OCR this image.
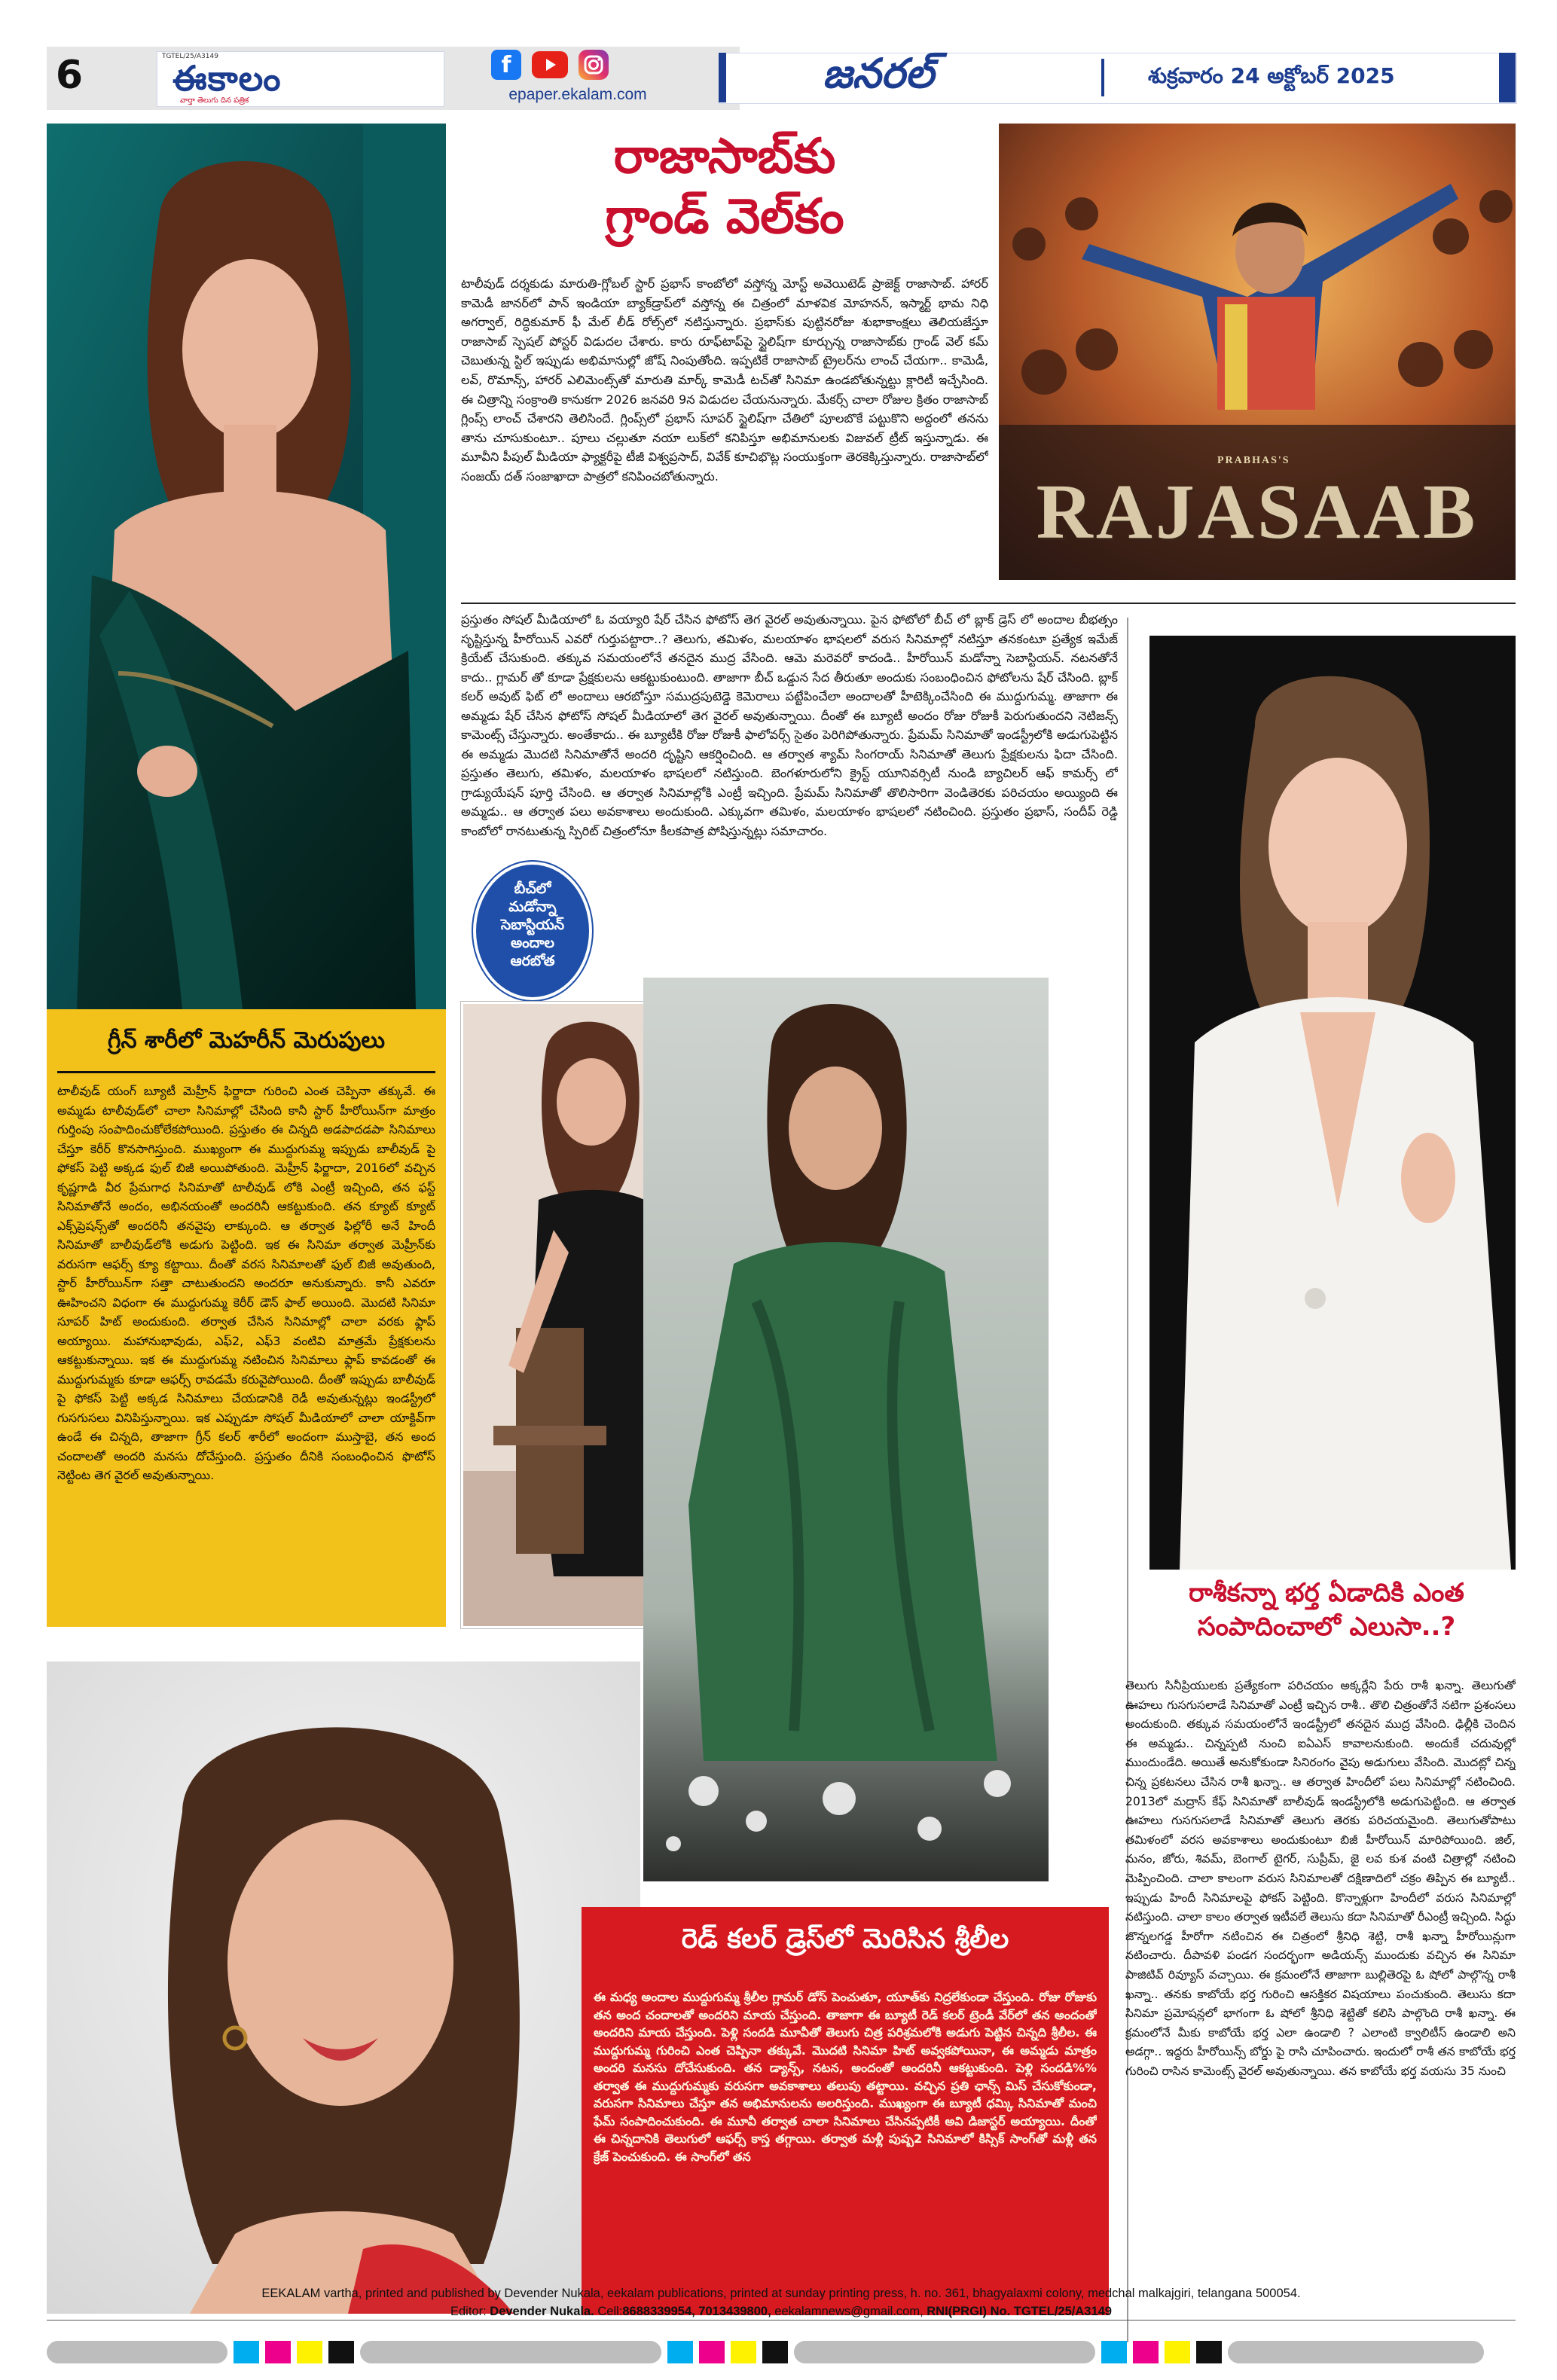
6	TGTEL/25/A3149
ఈకాలం
వార్తా తెలుగు దిన పత్రిక
f
epaper.ekalam.com	జనరల్	శుక్రవారం 24 అక్టోబర్ 2025
గ్రీన్ శారీలో మెహరీన్ మెరుపులు

టాలీవుడ్ యంగ్ బ్యూటీ మెహ్రీన్ ఫిర్జాదా గురించి ఎంత చెప్పినా తక్కువే. ఈ అమ్మడు టాలీవుడ్‌లో చాలా సినిమాల్లో చేసింది కానీ స్టార్ హీరోయిన్‌గా మాత్రం గుర్తింపు సంపాదించుకోలేకపోయింది. ప్రస్తుతం ఈ చిన్నది అడపాదడపా సినిమాలు చేస్తూ కెరీర్ కొనసాగిస్తుంది. ముఖ్యంగా ఈ ముద్దుగుమ్మ ఇప్పుడు బాలీవుడ్ పై ఫోకస్ పెట్టి అక్కడ ఫుల్ బిజీ అయిపోతుంది. మెహ్రీన్ ఫిర్జాదా, 2016లో వచ్చిన కృష్ణగాడి వీర ప్రేమగాధ సినిమాతో టాలీవుడ్ లోకి ఎంట్రీ ఇచ్చింది, తన ఫస్ట్ సినిమాతోనే అందం, అభినయంతో అందరినీ ఆకట్టుకుంది. తన క్యూట్ క్యూట్ ఎక్స్‌ప్రెషన్స్‌తో అందరినీ తనవైపు లాక్కుంది. ఆ తర్వాత ఫిల్లోరీ అనే హిందీ సినిమాతో బాలీవుడ్‌లోకి అడుగు పెట్టింది. ఇక ఈ సినిమా తర్వాత మెహ్రీన్‌కు వరుసగా ఆఫర్స్ క్యూ కట్టాయి. దీంతో వరస సినిమాలతో ఫుల్ బిజీ అవుతుంది, స్టార్ హీరోయిన్‌గా సత్తా చాటుతుందని అందరూ అనుకున్నారు. కానీ ఎవరూ ఊహించని విధంగా ఈ ముద్దుగుమ్మ కెరీర్ డౌన్ ఫాల్ అయింది. మొదటి సినిమా సూపర్ హిట్ అందుకుంది. తర్వాత చేసిన సినిమాల్లో చాలా వరకు ఫ్లాప్ అయ్యాయి. మహానుభావుడు, ఎఫ్2, ఎఫ్3 వంటివి మాత్రమే ప్రేక్షకులను ఆకట్టుకున్నాయి. ఇక ఈ ముద్దుగుమ్మ నటించిన సినిమాలు ఫ్లాప్ కావడంతో ఈ ముద్దుగుమ్మకు కూడా ఆఫర్స్ రావడమే కరువైపోయింది. దీంతో ఇప్పుడు బాలీవుడ్ పై ఫోకస్ పెట్టి అక్కడ సినిమాలు చేయడానికి రెడీ అవుతున్నట్లు ఇండస్ట్రీలో గుసగుసలు వినిపిస్తున్నాయి. ఇక ఎప్పుడూ సోషల్ మీడియాలో చాలా యాక్టివ్‌గా ఉండే ఈ చిన్నది, తాజాగా గ్రీన్ కలర్ శారీలో అందంగా ముస్తాబై, తన అంద చందాలతో అందరి మనసు దోచేస్తుంది. ప్రస్తుతం దీనికి సంబంధించిన ఫొటోస్ నెట్టింట తెగ వైరల్ అవుతున్నాయి.

రాజాసాబ్‌కు
గ్రాండ్ వెల్‌కం

టాలీవుడ్ దర్శకుడు మారుతి-గ్లోబల్ స్టార్ ప్రభాస్ కాంబోలో వస్తోన్న మోస్ట్ అవెయిటెడ్ ప్రాజెక్ట్ రాజాసాబ్. హారర్ కామెడీ జానర్‌లో పాన్ ఇండియా బ్యాక్‌డ్రాప్‌లో వస్తోన్న ఈ చిత్రంలో మాళవిక మోహనన్, ఇస్మార్ట్ భామ నిధి అగర్వాల్, రిద్ధికుమార్ ఫీ మేల్ లీడ్ రోల్స్‌లో నటిస్తున్నారు. ప్రభాస్‌కు పుట్టినరోజు శుభాకాంక్షలు తెలియజేస్తూ రాజాసాబ్ స్పెషల్ పోస్టర్ విడుదల చేశారు. కారు రూఫ్‌టాప్‌పై స్టైలిష్‌గా కూర్చున్న రాజాసాబ్‌కు గ్రాండ్ వెల్ కమ్ చెబుతున్న స్టిల్ ఇప్పుడు అభిమానుల్లో జోష్ నింపుతోంది. ఇప్పటికే రాజాసాబ్ ట్రైలర్‌ను లాంచ్ చేయగా.. కామెడీ, లవ్, రొమాన్స్, హారర్ ఎలిమెంట్స్‌తో మారుతి మార్క్ కామెడీ టచ్‌తో సినిమా ఉండబోతున్నట్టు క్లారిటీ ఇచ్చేసింది. ఈ చిత్రాన్ని సంక్రాంతి కానుకగా 2026 జనవరి 9న విడుదల చేయనున్నారు. మేకర్స్ చాలా రోజుల క్రితం రాజాసాబ్ గ్లింప్స్ లాంచ్ చేశారని తెలిసిందే. గ్లింప్స్‌లో ప్రభాస్ సూపర్ స్టైలిష్‌గా చేతిలో పూలబొకే పట్టుకొని అద్దంలో తనను తాను చూసుకుంటూ.. పూలు చల్లుతూ నయా లుక్‌లో కనిపిస్తూ అభిమానులకు విజువల్ ట్రీట్ ఇస్తున్నాడు. ఈ మూవీని పీపుల్ మీడియా ఫ్యాక్టరీపై టీజీ విశ్వప్రసాద్, వివేక్ కూచిభొట్ల సంయుక్తంగా తెరకెక్కిస్తున్నారు. రాజాసాబ్‌లో సంజయ్ దత్ సంజాఖాదా పాత్రలో కనిపించబోతున్నారు.

PRABHAS'S
RAJASAAB

ప్రస్తుతం సోషల్ మీడియాలో ఓ వయ్యారి షేర్ చేసిన ఫోటోస్ తెగ వైరల్ అవుతున్నాయి. పైన ఫోటోలో బీచ్ లో బ్లాక్ డ్రెస్ లో అందాల బీభత్సం సృష్టిస్తున్న హీరోయిన్ ఎవరో గుర్తుపట్టారా..? తెలుగు, తమిళం, మలయాళం భాషలలో వరుస సినిమాల్లో నటిస్తూ తనకంటూ ప్రత్యేక ఇమేజ్ క్రియేట్ చేసుకుంది. తక్కువ సమయంలోనే తనదైన ముద్ర వేసింది. ఆమె మరెవరో కాదండి.. హీరోయిన్ మడోన్నా సెబాస్టియన్. నటనతోనే కాదు.. గ్లామర్ తో కూడా ప్రేక్షకులను ఆకట్టుకుంటుంది. తాజాగా బీచ్ ఒడ్డున సేద తీరుతూ అందుకు సంబంధించిన ఫోటోలను షేర్ చేసింది. బ్లాక్ కలర్ అవుట్ ఫిట్ లో అందాలు ఆరబోస్తూ సముద్రపుటెడ్డె కెమెరాలు పట్టేపించేలా అందాలతో హీటెక్కించేసింది ఈ ముద్దుగుమ్మ. తాజాగా ఈ అమ్మడు షేర్ చేసిన ఫోటోస్ సోషల్ మీడియాలో తెగ వైరల్ అవుతున్నాయి. దీంతో ఈ బ్యూటీ అందం రోజు రోజుకీ పెరుగుతుందని నెటిజన్స్ కామెంట్స్ చేస్తున్నారు. అంతేకాదు.. ఈ బ్యూటీకి రోజు రోజుకీ ఫాలోవర్స్ సైతం పెరిగిపోతున్నారు. ప్రేమమ్ సినిమాతో ఇండస్ట్రీలోకి అడుగుపెట్టిన ఈ అమ్మడు మొదటి సినిమాతోనే అందరి దృష్టిని ఆకర్షించింది. ఆ తర్వాత శ్యామ్ సింగరాయ్ సినిమాతో తెలుగు ప్రేక్షకులను ఫిదా చేసింది. ప్రస్తుతం తెలుగు, తమిళం, మలయాళం భాషలలో నటిస్తుంది. బెంగళూరులోని క్రైస్ట్ యూనివర్సిటీ నుండి బ్యాచిలర్ ఆఫ్ కామర్స్ లో గ్రాడ్యుయేషన్ పూర్తి చేసింది. ఆ తర్వాత సినిమాల్లోకి ఎంట్రీ ఇచ్చింది. ప్రేమమ్ సినిమాతో తొలిసారిగా వెండితెరకు పరిచయం అయ్యింది ఈ అమ్మడు.. ఆ తర్వాత పలు అవకాశాలు అందుకుంది. ఎక్కువగా తమిళం, మలయాళం భాషలలో నటించింది. ప్రస్తుతం ప్రభాస్, సందీప్ రెడ్డి కాంబోలో రానటుతున్న స్పిరిట్ చిత్రంలోనూ కీలకపాత్ర పోషిస్తున్నట్లు సమాచారం.

బీచ్‌లో
మడోన్నా
సెబాస్టియన్
అందాల
ఆరబోత
రాశీకన్నా భర్త ఏడాదికి ఎంత
సంపాదించాలో ఎలుసా..?

తెలుగు సినీప్రియులకు ప్రత్యేకంగా పరిచయం అక్కర్లేని పేరు రాశీ ఖన్నా. తెలుగుతో ఊహలు గుసగుసలాడే సినిమాతో ఎంట్రీ ఇచ్చిన రాశీ.. తొలి చిత్రంతోనే నటిగా ప్రశంసలు అందుకుంది. తక్కువ సమయంలోనే ఇండస్ట్రీలో తనదైన ముద్ర వేసింది. ఢిల్లీకి చెందిన ఈ అమ్మడు.. చిన్నప్పటి నుంచి ఐఏఎస్ కావాలనుకుంది. అందుకే చదువుల్లో ముందుండేది. అయితే అనుకోకుండా సినిరంగం వైపు అడుగులు వేసింది. మొదట్లో చిన్న చిన్న ప్రకటనలు చేసిన రాశీ ఖన్నా.. ఆ తర్వాత హిందీలో పలు సినిమాల్లో నటించింది. 2013లో మద్రాస్ కేఫ్ సినిమాతో బాలీవుడ్ ఇండస్ట్రీలోకి అడుగుపెట్టింది. ఆ తర్వాత ఊహలు గుసగుసలాడే సినిమాతో తెలుగు తెరకు పరిచయమైంది. తెలుగుతోపాటు తమిళంలో వరస అవకాశాలు అందుకుంటూ బిజీ హీరోయిన్ మారిపోయింది. జిల్, మనం, జోరు, శివమ్, బెంగాల్ టైగర్, సుప్రీమ్, జై లవ కుశ వంటి చిత్రాల్లో నటించి మెప్పించింది. చాలా కాలంగా వరుస సినిమాలతో దక్షిణాదిలో చక్రం తిప్పిన ఈ బ్యూటీ.. ఇప్పుడు హిందీ సినిమాలపై ఫోకస్ పెట్టింది. కొన్నాళ్లుగా హిందీలో వరుస సినిమాల్లో నటిస్తుంది. చాలా కాలం తర్వాత ఇటీవలే తెలుసు కదా సినిమాతో రీఎంట్రీ ఇచ్చింది. సిద్ధు జొన్నలగడ్డ హీరోగా నటించిన ఈ చిత్రంలో శ్రీనిధి శెట్టి, రాశీ ఖన్నా హీరోయిన్లుగా నటించారు. దీపావళి పండగ సందర్భంగా అడియన్స్ ముందుకు వచ్చిన ఈ సినిమా పాజిటివ్ రివ్యూస్ వచ్చాయి. ఈ క్రమంలోనే తాజాగా బుల్లితెరపై ఓ షోలో పాల్గొన్న రాశీ ఖన్నా.. తనకు కాబోయే భర్త గురించి ఆసక్తికర విషయాలు పంచుకుంది. తెలుసు కదా సినిమా ప్రమోషన్లలో భాగంగా ఓ షోలో శ్రీనిధి శెట్టితో కలిసి పాల్గొంది రాశీ ఖన్నా. ఈ క్రమంలోనే మీకు కాబోయే భర్త ఎలా ఉండాలి ? ఎలాంటి క్వాలిటీస్ ఉండాలి అని అడగ్గా.. ఇద్దరు హీరోయిన్స్ బోర్డు పై రాసి చూపించారు. ఇందులో రాశీ తన కాబోయే భర్త గురించి రాసిన కామెంట్స్ వైరల్ అవుతున్నాయి. తన కాబోయే భర్త వయసు 35 నుంచి

రెడ్ కలర్ డ్రెస్‌లో మెరిసిన శ్రీలీల

ఈ మధ్య అందాల ముద్దుగుమ్మ శ్రీలీల గ్లామర్ డోస్ పెంచుతూ, యూత్‌కు నిద్రలేకుండా చేస్తుంది. రోజు రోజుకు తన అంద చందాలతో అందరిని మాయ చేస్తుంది. తాజాగా ఈ బ్యూటీ రెడ్ కలర్ ట్రెండీ వేర్‌లో తన అందంతో అందరిని మాయ చేస్తుంది. పెళ్లి సందడి మూవీతో తెలుగు చిత్ర పరిశ్రమలోకి అడుగు పెట్టిన చిన్నది శ్రీలీల. ఈ ముద్దుగుమ్మ గురించి ఎంత చెప్పినా తక్కువే. మొదటి సినిమా హిట్ అవ్వకపోయినా, ఈ అమ్మడు మాత్రం అందరి మనసు దోచేసుకుంది. తన డ్యాన్స్, నటన, అందంతో అందరినీ ఆకట్టుకుంది. పెళ్లి సందడి%% తర్వాత ఈ ముద్దుగుమ్మకు వరుసగా అవకాశాలు తలుపు తట్టాయి. వచ్చిన ప్రతి ఛాన్స్ మిస్ చేసుకోకుండా, వరుసగా సినిమాలు చేస్తూ తన అభిమానులను అలరిస్తుంది. ముఖ్యంగా ఈ బ్యూటీ ధమ్కి సినిమాతో మంచి ఫేమ్ సంపాదించుకుంది. ఈ మూవీ తర్వాత చాలా సినిమాలు చేసినప్పటికీ అవి డిజాస్టర్ అయ్యాయి. దీంతో ఈ చిన్నదానికి తెలుగులో ఆఫర్స్ కాస్త తగ్గాయి. తర్వాత మళ్లీ పుష్ప2 సినిమాలో కిస్సిక్ సాంగ్‌తో మళ్లీ తన క్రేజ్ పెంచుకుంది. ఈ సాంగ్‌లో తన

EEKALAM vartha, printed and published by Devender Nukala, eekalam publications, printed at sunday printing press, h. no. 361, bhagyalaxmi colony, medchal malkajgiri, telangana 500054.
Editor: Devender Nukala. Cell:8688339954, 7013439800, eekalamnews@gmail.com, RNI(PRGI) No. TGTEL/25/A3149
